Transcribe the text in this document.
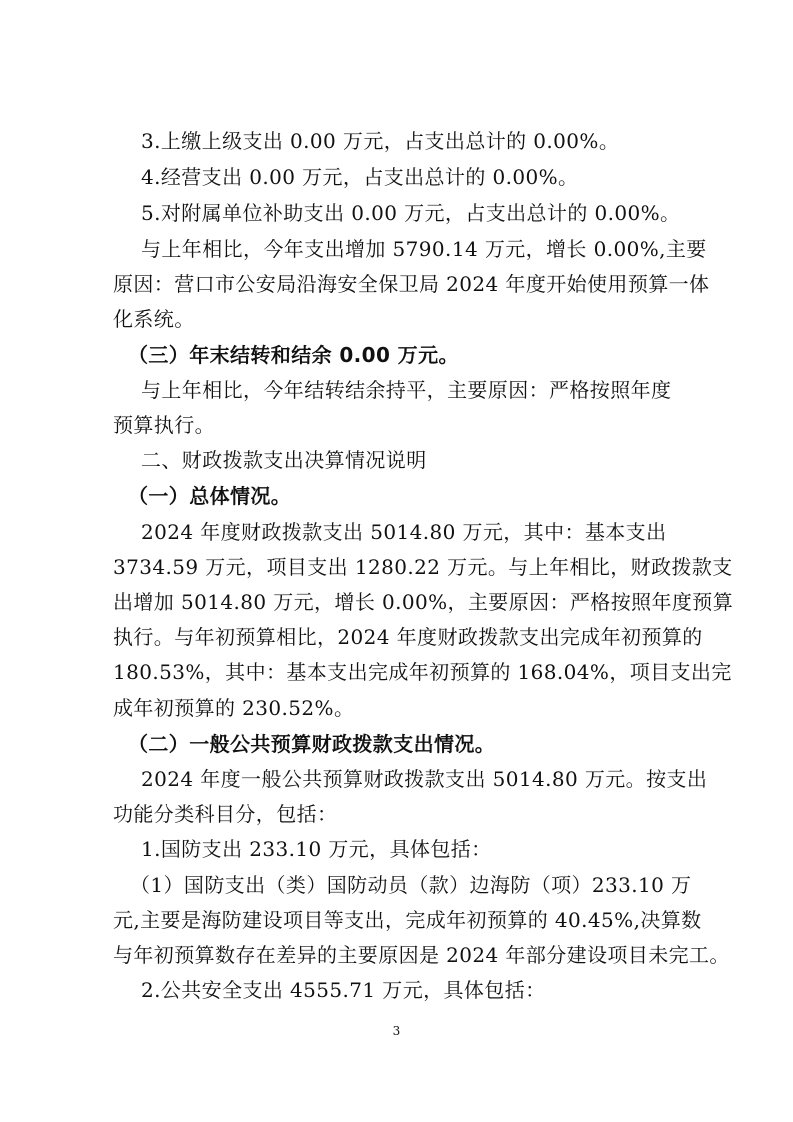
3.上缴上级支出 0.00 万元，占支出总计的 0.00%。
4.经营支出 0.00 万元，占支出总计的 0.00%。
5.对附属单位补助支出 0.00 万元，占支出总计的 0.00%。
与上年相比，今年支出增加 5790.14 万元，增长 0.00%,主要
原因：营口市公安局沿海安全保卫局 2024 年度开始使用预算一体
化系统。
（三）年末结转和结余 0.00 万元。
与上年相比，今年结转结余持平，主要原因：严格按照年度
预算执行。
二、财政拨款支出决算情况说明
（一）总体情况。
2024 年度财政拨款支出 5014.80 万元，其中：基本支出
3734.59 万元，项目支出 1280.22 万元。与上年相比，财政拨款支
出增加 5014.80 万元，增长 0.00%，主要原因：严格按照年度预算
执行。与年初预算相比，2024 年度财政拨款支出完成年初预算的
180.53%，其中：基本支出完成年初预算的 168.04%，项目支出完
成年初预算的 230.52%。
（二）一般公共预算财政拨款支出情况。
2024 年度一般公共预算财政拨款支出 5014.80 万元。按支出
功能分类科目分，包括：
1.国防支出 233.10 万元，具体包括：
（1）国防支出（类）国防动员（款）边海防（项）233.10 万
元,主要是海防建设项目等支出，完成年初预算的 40.45%,决算数
与年初预算数存在差异的主要原因是 2024 年部分建设项目未完工。
2.公共安全支出 4555.71 万元，具体包括：
3
